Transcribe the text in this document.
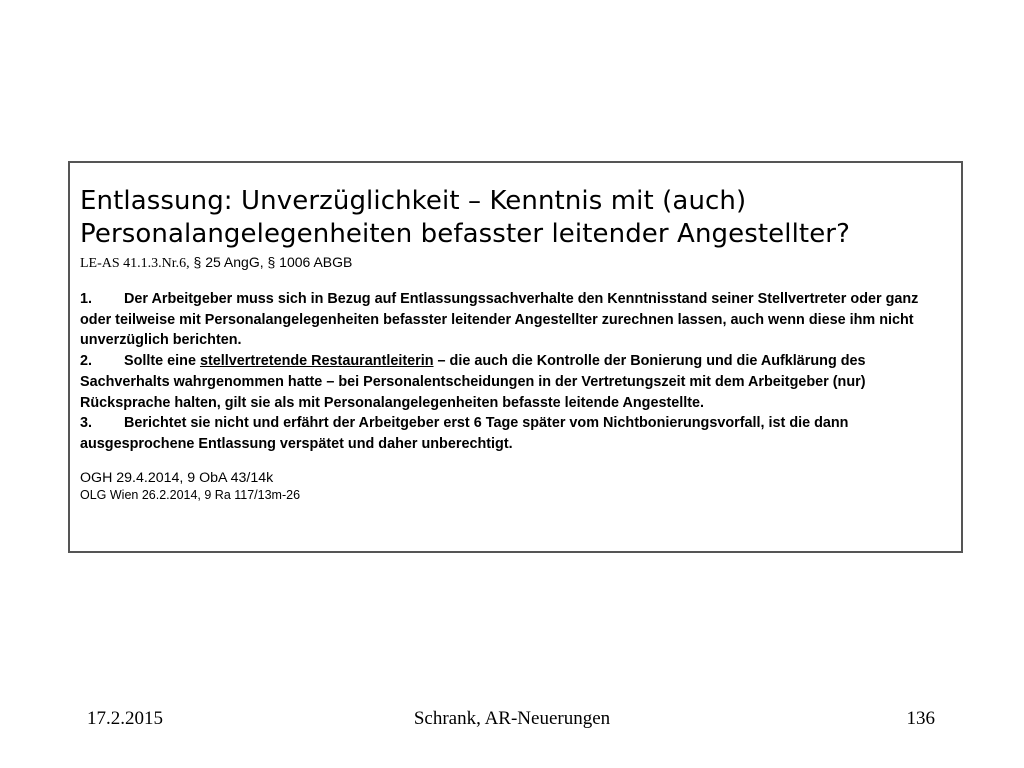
Entlassung: Unverzüglichkeit – Kenntnis mit (auch)
Personalangelegenheiten befasster leitender Angestellter?
LE-AS 41.1.3.Nr.6, § 25 AngG, § 1006 ABGB

1. Der Arbeitgeber muss sich in Bezug auf Entlassungssachverhalte den Kenntnisstand seiner Stellvertreter oder ganz oder teilweise mit Personalangelegenheiten befasster leitender Angestellter zurechnen lassen, auch wenn diese ihm nicht unverzüglich berichten.

2. Sollte eine stellvertretende Restaurantleiterin – die auch die Kontrolle der Bonierung und die Aufklärung des Sachverhalts wahrgenommen hatte – bei Personalentscheidungen in der Vertretungszeit mit dem Arbeitgeber (nur) Rücksprache halten, gilt sie als mit Personalangelegenheiten befasste leitende Angestellte.

3. Berichtet sie nicht und erfährt der Arbeitgeber erst 6 Tage später vom Nichtbonierungsvorfall, ist die dann ausgesprochene Entlassung verspätet und daher unberechtigt.

OGH 29.4.2014, 9 ObA 43/14k
OLG Wien 26.2.2014, 9 Ra 117/13m-26
Schrank, AR-Neuerungen
17.2.2015	136
